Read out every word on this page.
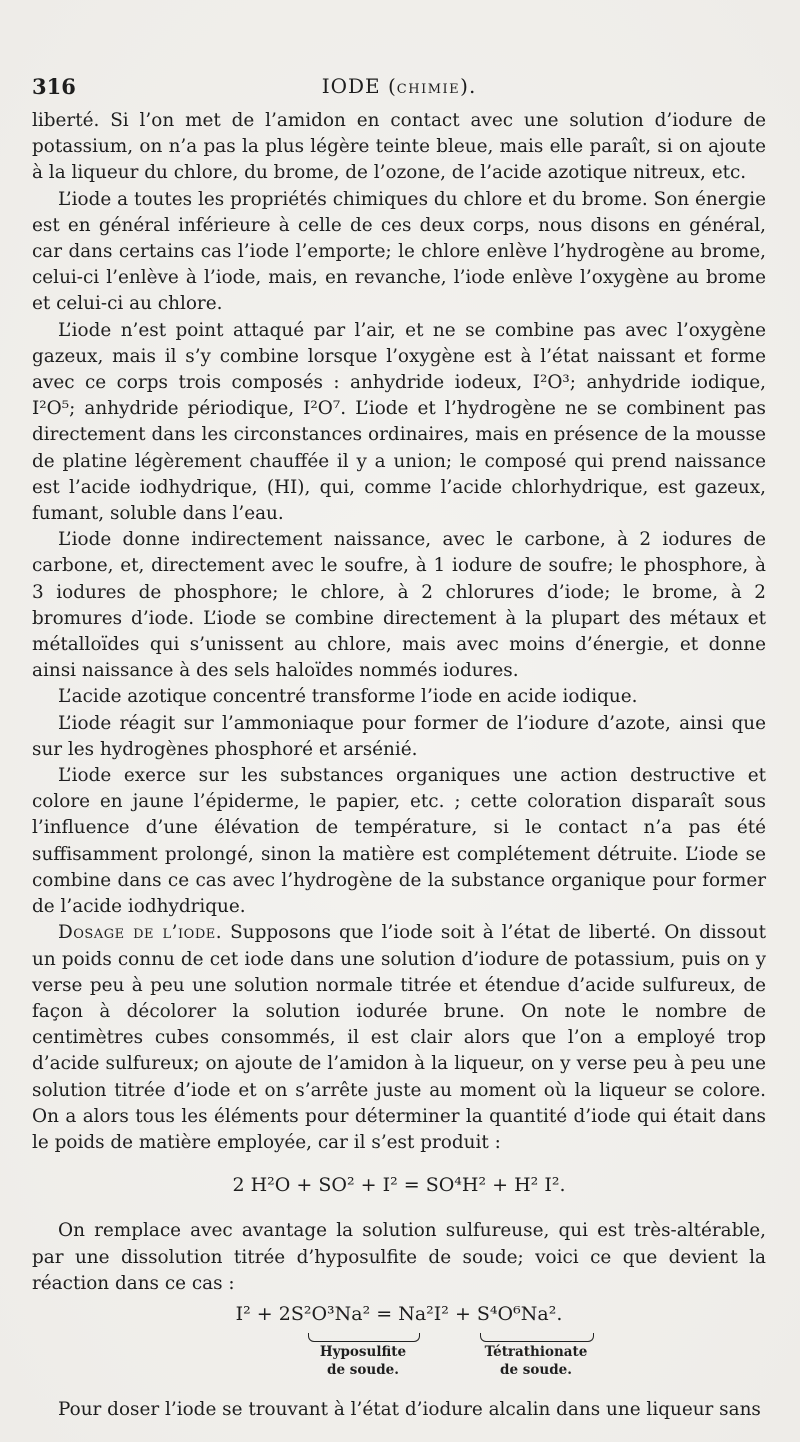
316	IODE (CHIMIE).

liberté. Si l’on met de l’amidon en contact avec une solution d’iodure de potassium, on n’a pas la plus légère teinte bleue, mais elle paraît, si on ajoute à la liqueur du chlore, du brome, de l’ozone, de l’acide azotique nitreux, etc.

L’iode a toutes les propriétés chimiques du chlore et du brome. Son énergie est en général inférieure à celle de ces deux corps, nous disons en général, car dans certains cas l’iode l’emporte; le chlore enlève l’hydrogène au brome, celui-ci l’enlève à l’iode, mais, en revanche, l’iode enlève l’oxygène au brome et celui-ci au chlore.

L’iode n’est point attaqué par l’air, et ne se combine pas avec l’oxygène gazeux, mais il s’y combine lorsque l’oxygène est à l’état naissant et forme avec ce corps trois composés : anhydride iodeux, I²O³; anhydride iodique, I²O⁵; anhydride périodique, I²O⁷. L’iode et l’hydrogène ne se combinent pas directement dans les circonstances ordinaires, mais en présence de la mousse de platine légèrement chauffée il y a union; le composé qui prend naissance est l’acide iodhydrique, (HI), qui, comme l’acide chlorhydrique, est gazeux, fumant, soluble dans l’eau.

L’iode donne indirectement naissance, avec le carbone, à 2 iodures de carbone, et, directement avec le soufre, à 1 iodure de soufre; le phosphore, à 3 iodures de phosphore; le chlore, à 2 chlorures d’iode; le brome, à 2 bromures d’iode. L’iode se combine directement à la plupart des métaux et métalloïdes qui s’unissent au chlore, mais avec moins d’énergie, et donne ainsi naissance à des sels haloïdes nommés iodures.

L’acide azotique concentré transforme l’iode en acide iodique.

L’iode réagit sur l’ammoniaque pour former de l’iodure d’azote, ainsi que sur les hydrogènes phosphoré et arsénié.

L’iode exerce sur les substances organiques une action destructive et colore en jaune l’épiderme, le papier, etc. ; cette coloration disparaît sous l’influence d’une élévation de température, si le contact n’a pas été suffisamment prolongé, sinon la matière est complétement détruite. L’iode se combine dans ce cas avec l’hydrogène de la substance organique pour former de l’acide iodhydrique.

Dosage de l’iode. Supposons que l’iode soit à l’état de liberté. On dissout un poids connu de cet iode dans une solution d’iodure de potassium, puis on y verse peu à peu une solution normale titrée et étendue d’acide sulfureux, de façon à décolorer la solution iodurée brune. On note le nombre de centimètres cubes consommés, il est clair alors que l’on a employé trop d’acide sulfureux; on ajoute de l’amidon à la liqueur, on y verse peu à peu une solution titrée d’iode et on s’arrête juste au moment où la liqueur se colore. On a alors tous les éléments pour déterminer la quantité d’iode qui était dans le poids de matière employée, car il s’est produit :

2 H²O + SO² + I² = SO⁴H² + H² I².

On remplace avec avantage la solution sulfureuse, qui est très-altérable, par une dissolution titrée d’hyposulfite de soude; voici ce que devient la réaction dans ce cas :

I² + 2S²O³Na² = Na²I² + S⁴O⁶Na².
Hyposulfite
de soude.
Tétrathionate
de soude.

Pour doser l’iode se trouvant à l’état d’iodure alcalin dans une liqueur sans
